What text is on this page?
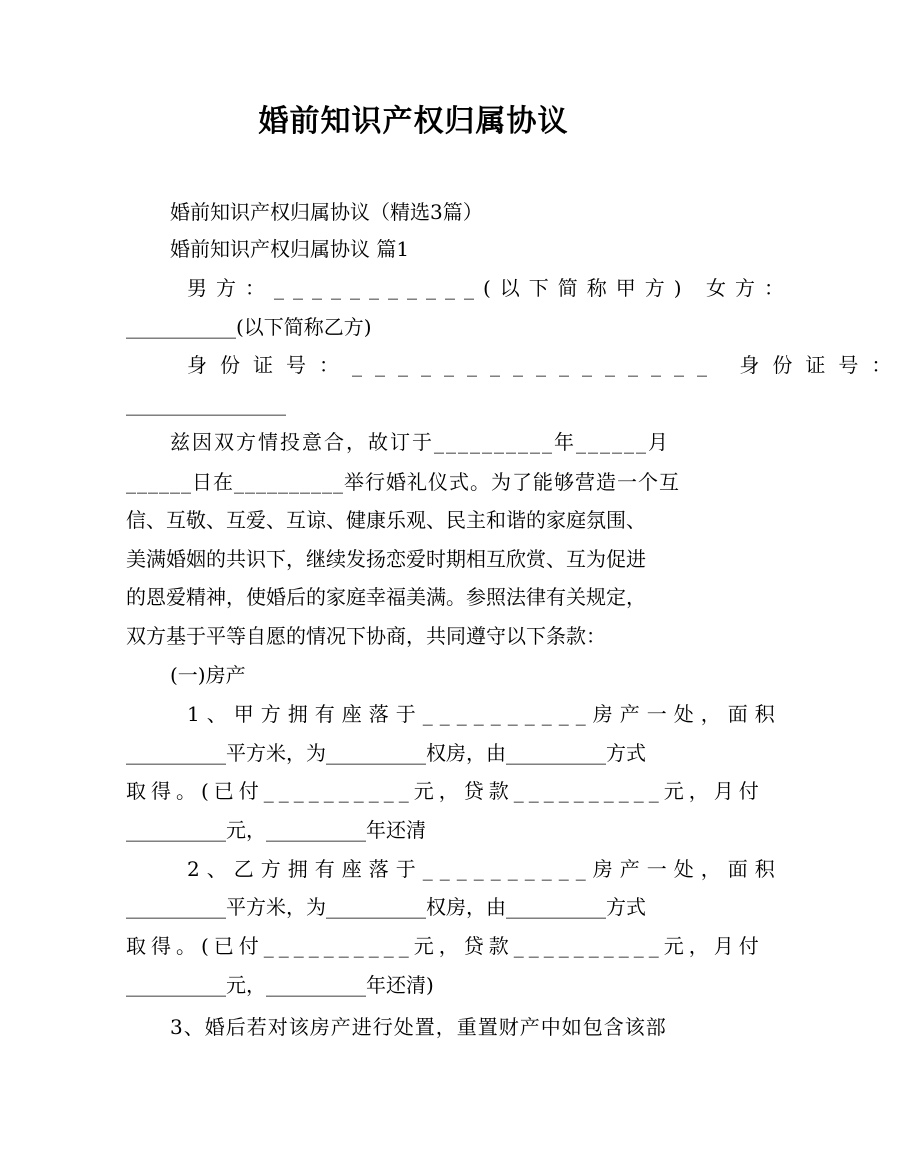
婚前知识产权归属协议
婚前知识产权归属协议（精选3篇）
婚前知识产权归属协议 篇1
男方：___________(以下简称甲方) 女方：
___________(以下简称乙方)
身份证号：________________ 身份证号：
________________
兹因双方情投意合，故订于__________年______月
______日在__________举行婚礼仪式。为了能够营造一个互
信、互敬、互爱、互谅、健康乐观、民主和谐的家庭氛围、
美满婚姻的共识下，继续发扬恋爱时期相互欣赏、互为促进
的恩爱精神，使婚后的家庭幸福美满。参照法律有关规定，
双方基于平等自愿的情况下协商，共同遵守以下条款：
(一)房产
1、甲方拥有座落于__________房产一处，面积
__________平方米，为__________权房，由__________方式
取得。(已付__________元，贷款__________元，月付
__________元，__________年还清
2、乙方拥有座落于__________房产一处，面积
__________平方米，为__________权房，由__________方式
取得。(已付__________元，贷款__________元，月付
__________元，__________年还清)
3、婚后若对该房产进行处置，重置财产中如包含该部
